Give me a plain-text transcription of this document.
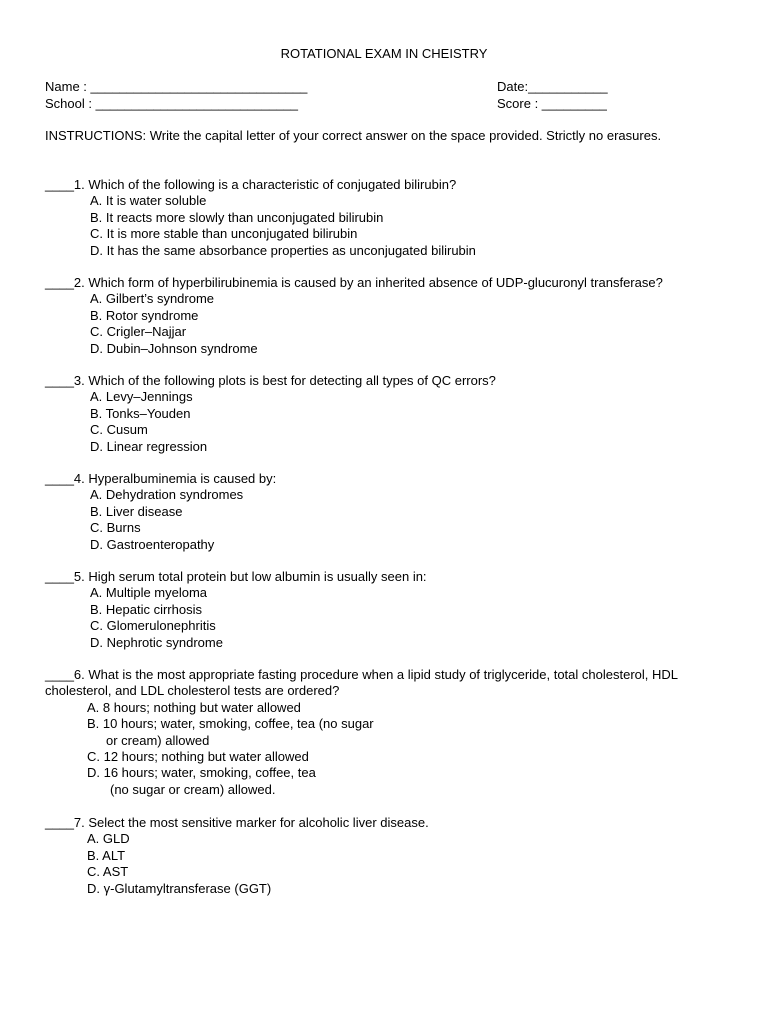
ROTATIONAL EXAM IN CHEISTRY
Name : ______________________________
School : ____________________________
Date:___________
Score : _________
INSTRUCTIONS: Write the capital letter of your correct answer on the space provided. Strictly no erasures.
____1. Which of the following is a characteristic of conjugated bilirubin?
A. It is water soluble
B. It reacts more slowly than unconjugated bilirubin
C. It is more stable than unconjugated bilirubin
D. It has the same absorbance properties as unconjugated bilirubin
____2. Which form of hyperbilirubinemia is caused by an inherited absence of UDP-glucuronyl transferase?
A. Gilbert’s syndrome
B. Rotor syndrome
C. Crigler–Najjar
D. Dubin–Johnson syndrome
____3. Which of the following plots is best for detecting all types of QC errors?
A. Levy–Jennings
B. Tonks–Youden
C. Cusum
D. Linear regression
____4. Hyperalbuminemia is caused by:
A. Dehydration syndromes
B. Liver disease
C. Burns
D. Gastroenteropathy
____5. High serum total protein but low albumin is usually seen in:
A. Multiple myeloma
B. Hepatic cirrhosis
C. Glomerulonephritis
D. Nephrotic syndrome
____6. What is the most appropriate fasting procedure when a lipid study of triglyceride, total cholesterol, HDL cholesterol, and LDL cholesterol tests are ordered?
A. 8 hours; nothing but water allowed
B. 10 hours; water, smoking, coffee, tea (no sugar
or cream) allowed
C. 12 hours; nothing but water allowed
D. 16 hours; water, smoking, coffee, tea
(no sugar or cream) allowed.
____7. Select the most sensitive marker for alcoholic liver disease.
A. GLD
B. ALT
C. AST
D. γ-Glutamyltransferase (GGT)
